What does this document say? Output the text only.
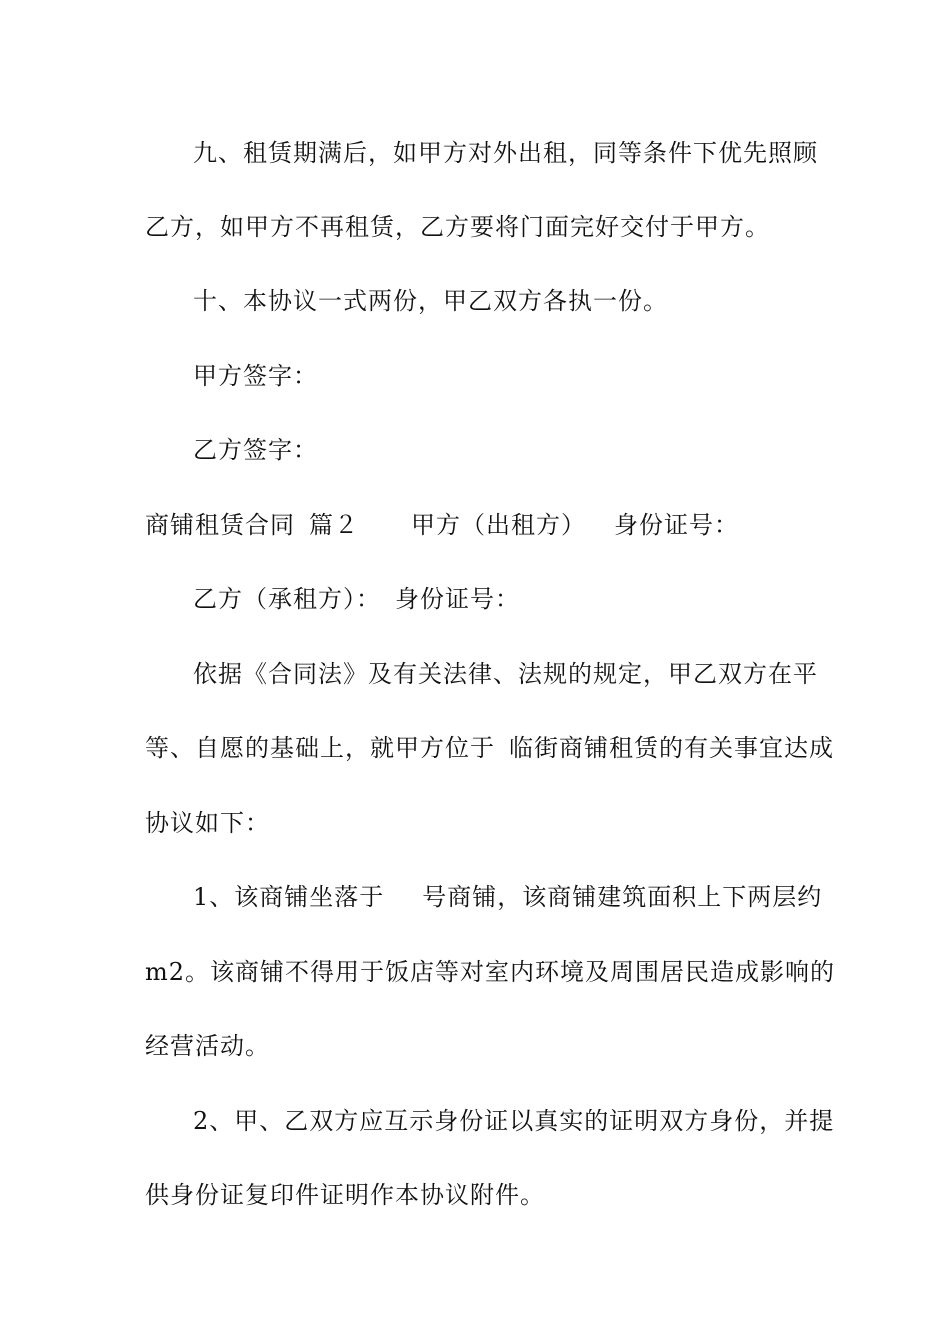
九、租赁期满后，如甲方对外出租，同等条件下优先照顾
乙方，如甲方不再租赁，乙方要将门面完好交付于甲方。
十、本协议一式两份，甲乙双方各执一份。
甲方签字：
乙方签字：
商铺租赁合同 篇２ 甲方（出租方） 身份证号：
乙方（承租方）： 身份证号：
依据《合同法》及有关法律、法规的规定，甲乙双方在平
等、自愿的基础上，就甲方位于 临街商铺租赁的有关事宜达成
协议如下：
1、该商铺坐落于 号商铺，该商铺建筑面积上下两层约
m2。该商铺不得用于饭店等对室内环境及周围居民造成影响的
经营活动。
2、甲、乙双方应互示身份证以真实的证明双方身份，并提
供身份证复印件证明作本协议附件。
